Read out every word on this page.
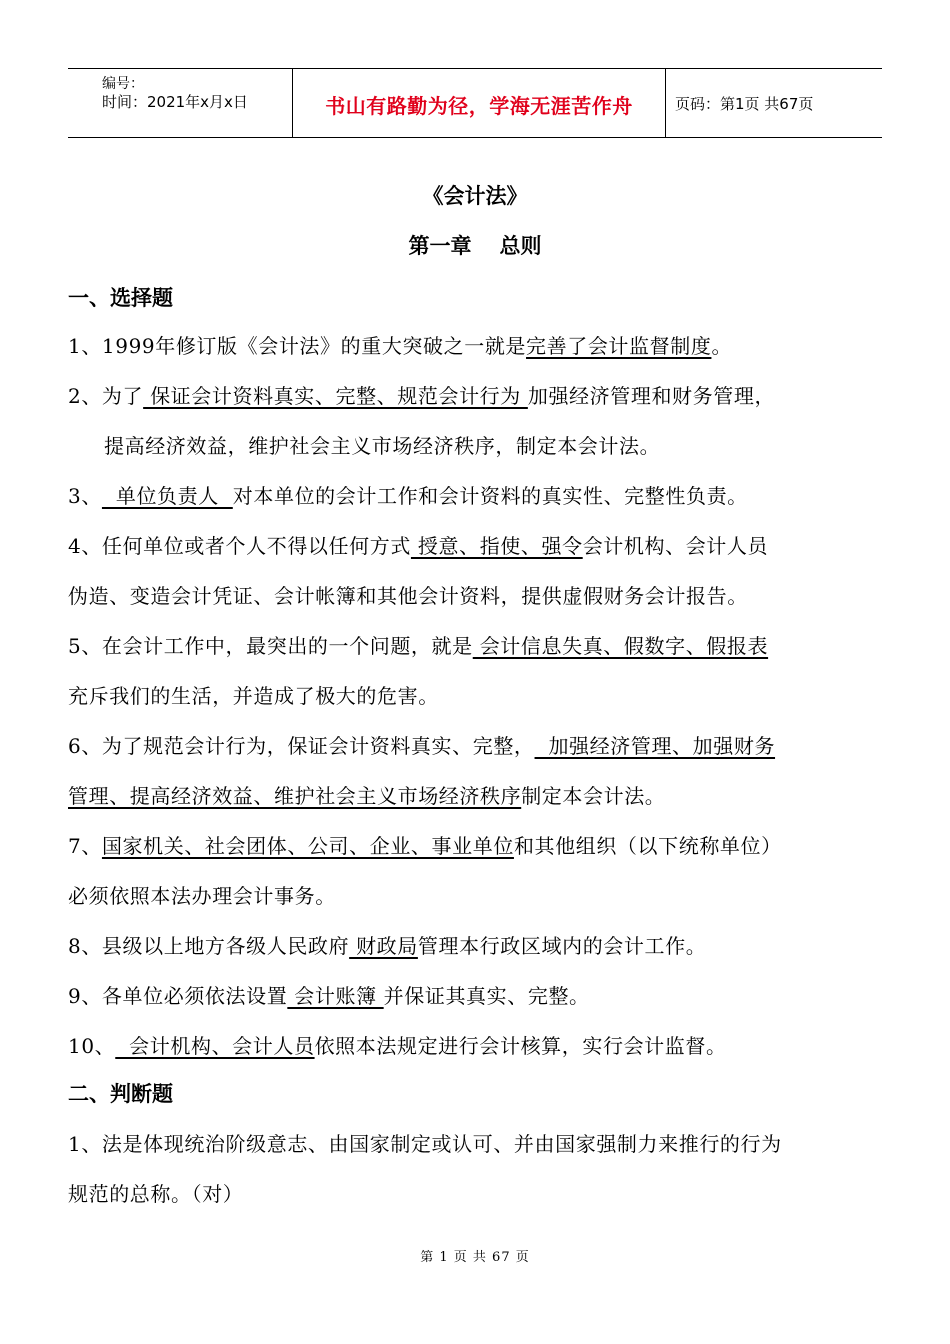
编号：
时间：2021年x月x日	书山有路勤为径，学海无涯苦作舟	页码：第1页 共67页
《会计法》
第一章 总则
一、选择题
1、1999年修订版《会计法》的重大突破之一就是完善了会计监督制度。
2、为了 保证会计资料真实、完整、规范会计行为 加强经济管理和财务管理，
提高经济效益，维护社会主义市场经济秩序，制定本会计法。
3、  单位负责人  对本单位的会计工作和会计资料的真实性、完整性负责。
4、任何单位或者个人不得以任何方式 授意、指使、强令会计机构、会计人员
伪造、变造会计凭证、会计帐簿和其他会计资料，提供虚假财务会计报告。
5、在会计工作中，最突出的一个问题，就是 会计信息失真、假数字、假报表
充斥我们的生活，并造成了极大的危害。
6、为了规范会计行为，保证会计资料真实、完整，  加强经济管理、加强财务
管理、提高经济效益、维护社会主义市场经济秩序制定本会计法。
7、国家机关、社会团体、公司、企业、事业单位和其他组织（以下统称单位）
必须依照本法办理会计事务。
8、县级以上地方各级人民政府 财政局管理本行政区域内的会计工作。
9、各单位必须依法设置 会计账簿 并保证其真实、完整。
10、  会计机构、会计人员依照本法规定进行会计核算，实行会计监督。
二、判断题
1、法是体现统治阶级意志、由国家制定或认可、并由国家强制力来推行的行为
规范的总称。（对）
第 1 页 共 67 页
